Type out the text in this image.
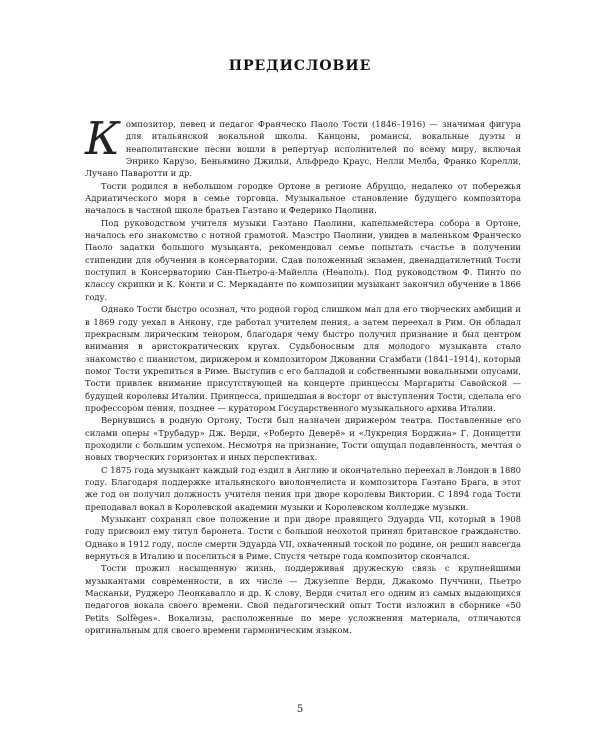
ПРЕДИСЛОВИЕ

Композитор, певец и педагог Франческо Паоло Тости (1846–1916) — значимая фигура для итальянской вокальной школы. Канцоны, романсы, вокальные дуэты и неаполитанские песни вошли в репертуар исполнителей по всему миру, включая Энрико Карузо, Беньямино Джильи, Альфредо Краус, Нелли Мелба, Франко Корелли, Лучано Паваротти и др.

Тости родился в небольшом городке Ортоне в регионе Абруццо, недалеко от побережья Адриатического моря в семье торговца. Музыкальное становление будущего композитора началось в частной школе братьев Гаэтано и Федерико Паолини.

Под руководством учителя музыки Гаэтано Паолини, капельмейстера собора в Ортоне, началось его знакомство с нотной грамотой. Маэстро Паолини, увидев в маленьком Франческо Паоло задатки большого музыканта, рекомендовал семье попытать счастье в получении стипендии для обучения в консерватории. Сдав положенный экзамен, двенадцатилетний Тости поступил в Консерваторию Сан-Пьетро-а-Майелла (Неаполь). Под руководством Ф. Пинто по классу скрипки и К. Конти и С. Меркаданте по композиции музыкант закончил обучение в 1866 году.

Однако Тости быстро осознал, что родной город слишком мал для его творческих амбиций и в 1869 году уехал в Анкону, где работал учителем пения, а затем переехал в Рим. Он обладал прекрасным лирическим тенором, благодаря чему быстро получил признание и был центром внимания в аристократических кругах. Судьбоносным для молодого музыканта стало знакомство с пианистом, дирижером и композитором Джованни Сгамбати (1841–1914), который помог Тости укрепиться в Риме. Выступив с его балладой и собственными вокальными опусами, Тости привлек внимание присутствующей на концерте принцессы Маргариты Савойской — будущей королевы Италии. Принцесса, пришедшая в восторг от выступления Тости, сделала его профессором пения, позднее — куратором Государственного музыкального архива Италии.

Вернувшись в родную Ортону, Тости был назначен дирижером театра. Поставленные его силами оперы «Трубадур» Дж. Верди, «Роберто Деверё» и «Лукреция Борджиа» Г. Доницетти проходили с большим успехом. Несмотря на признание, Тости ощущал подавленность, мечтая о новых творческих горизонтах и иных перспективах.

С 1875 года музыкант каждый год ездил в Англию и окончательно переехал в Лондон в 1880 году. Благодаря поддержке итальянского виолончелиста и композитора Гаэтано Брага, в этот же год он получил должность учителя пения при дворе королевы Виктории. С 1894 года Тости преподавал вокал в Королевской академии музыки и Королевском колледже музыки.

Музыкант сохранял свое положение и при дворе правящего Эдуарда VII, который в 1908 году присвоил ему титул баронета. Тости с большой неохотой принял британское гражданство. Однако в 1912 году, после смерти Эдуарда VII, охваченный тоской по родине, он решил навсегда вернуться в Италию и поселиться в Риме. Спустя четыре года композитор скончался.

Тости прожил насыщенную жизнь, поддерживая дружескую связь с крупнейшими музыкантами современности, в их числе — Джузеппе Верди, Джакомо Пуччини, Пьетро Масканьи, Руджеро Леонкавалло и др. К слову, Верди считал его одним из самых выдающихся педагогов вокала своего времени. Свой педагогический опыт Тости изложил в сборнике «50 Petits Solfèges». Вокализы, расположенные по мере усложнения материала, отличаются оригинальным для своего времени гармоническим языком.

5
